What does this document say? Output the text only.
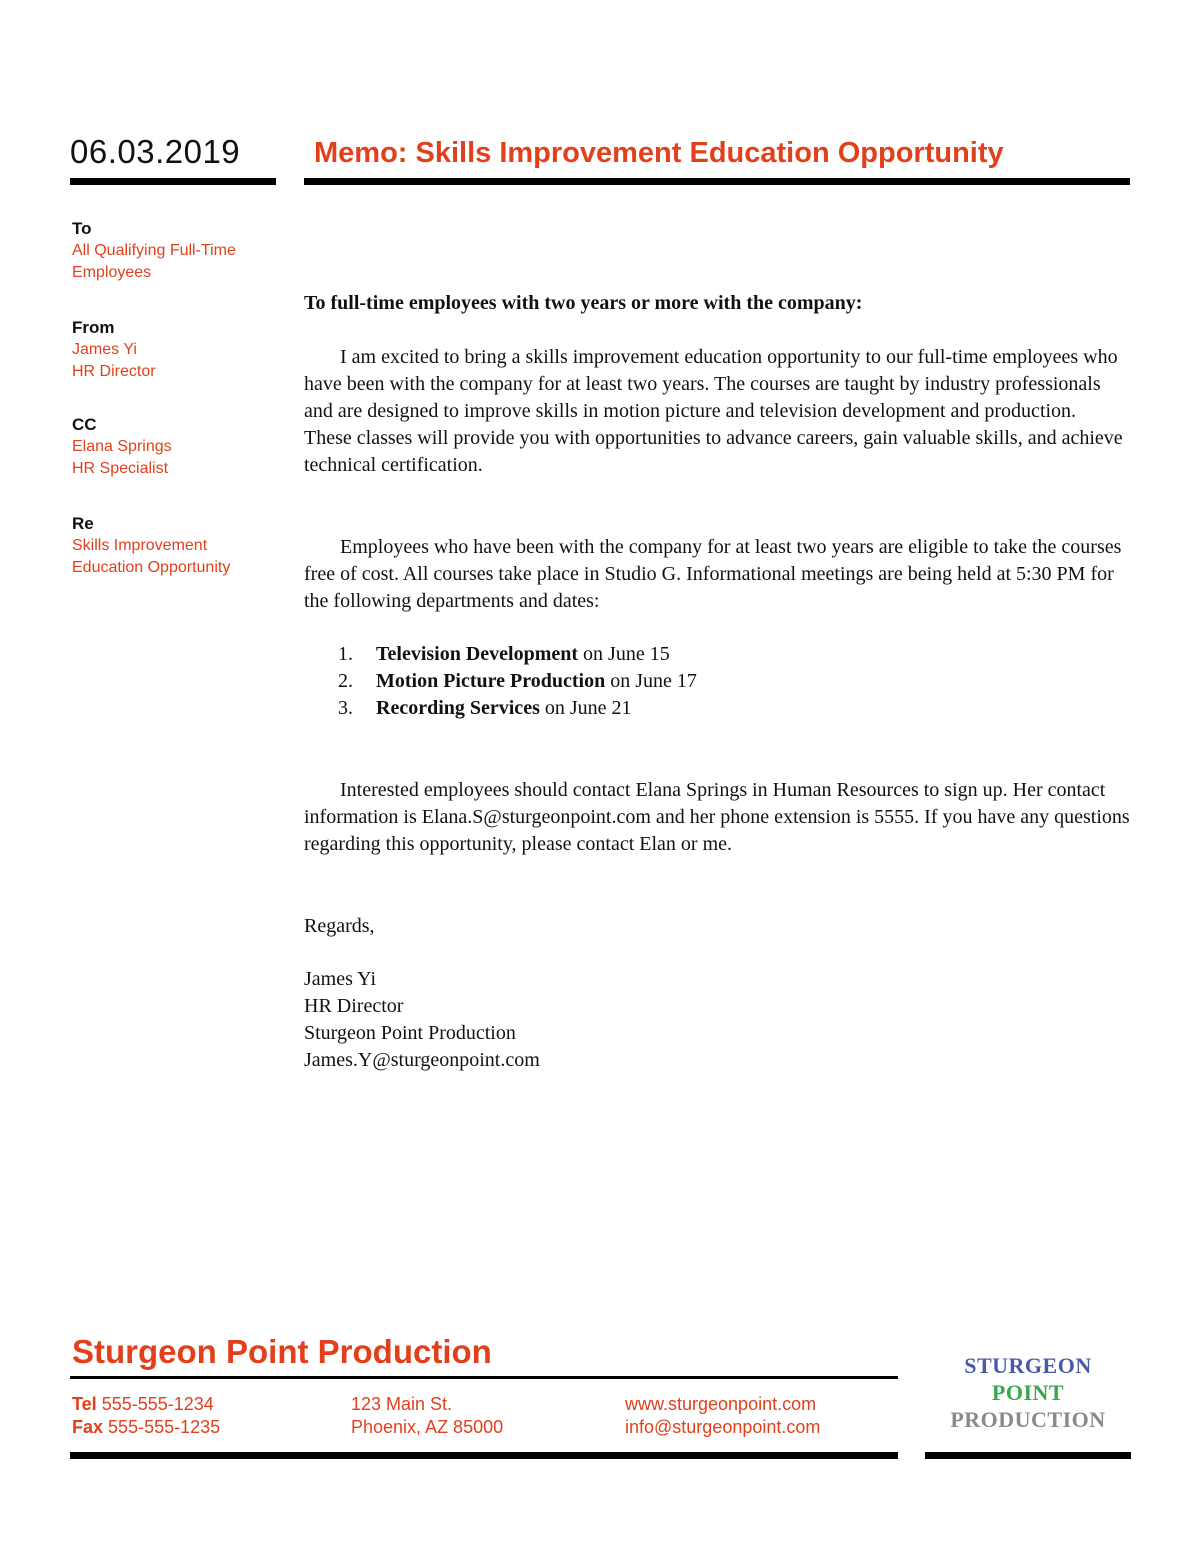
06.03.2019	Memo: Skills Improvement Education Opportunity
To
All Qualifying Full-Time
Employees
From
James Yi
HR Director
CC
Elana Springs
HR Specialist
Re
Skills Improvement
Education Opportunity
To full-time employees with two years or more with the company:
I am excited to bring a skills improvement education opportunity to our full-time employees who have been with the company for at least two years. The courses are taught by industry professionals and are designed to improve skills in motion picture and television development and production. These classes will provide you with opportunities to advance careers, gain valuable skills, and achieve technical certification.
Employees who have been with the company for at least two years are eligible to take the courses free of cost. All courses take place in Studio G. Informational meetings are being held at 5:30 PM for the following departments and dates:
1. Television Development on June 15
2. Motion Picture Production on June 17
3. Recording Services on June 21
Interested employees should contact Elana Springs in Human Resources to sign up. Her contact information is Elana.S@sturgeonpoint.com and her phone extension is 5555. If you have any questions regarding this opportunity, please contact Elan or me.
Regards,
James Yi
HR Director
Sturgeon Point Production
James.Y@sturgeonpoint.com
Sturgeon Point Production
Tel 555-555-1234
Fax 555-555-1235
123 Main St.
Phoenix, AZ 85000
www.sturgeonpoint.com
info@sturgeonpoint.com
STURGEON
POINT
PRODUCTION
